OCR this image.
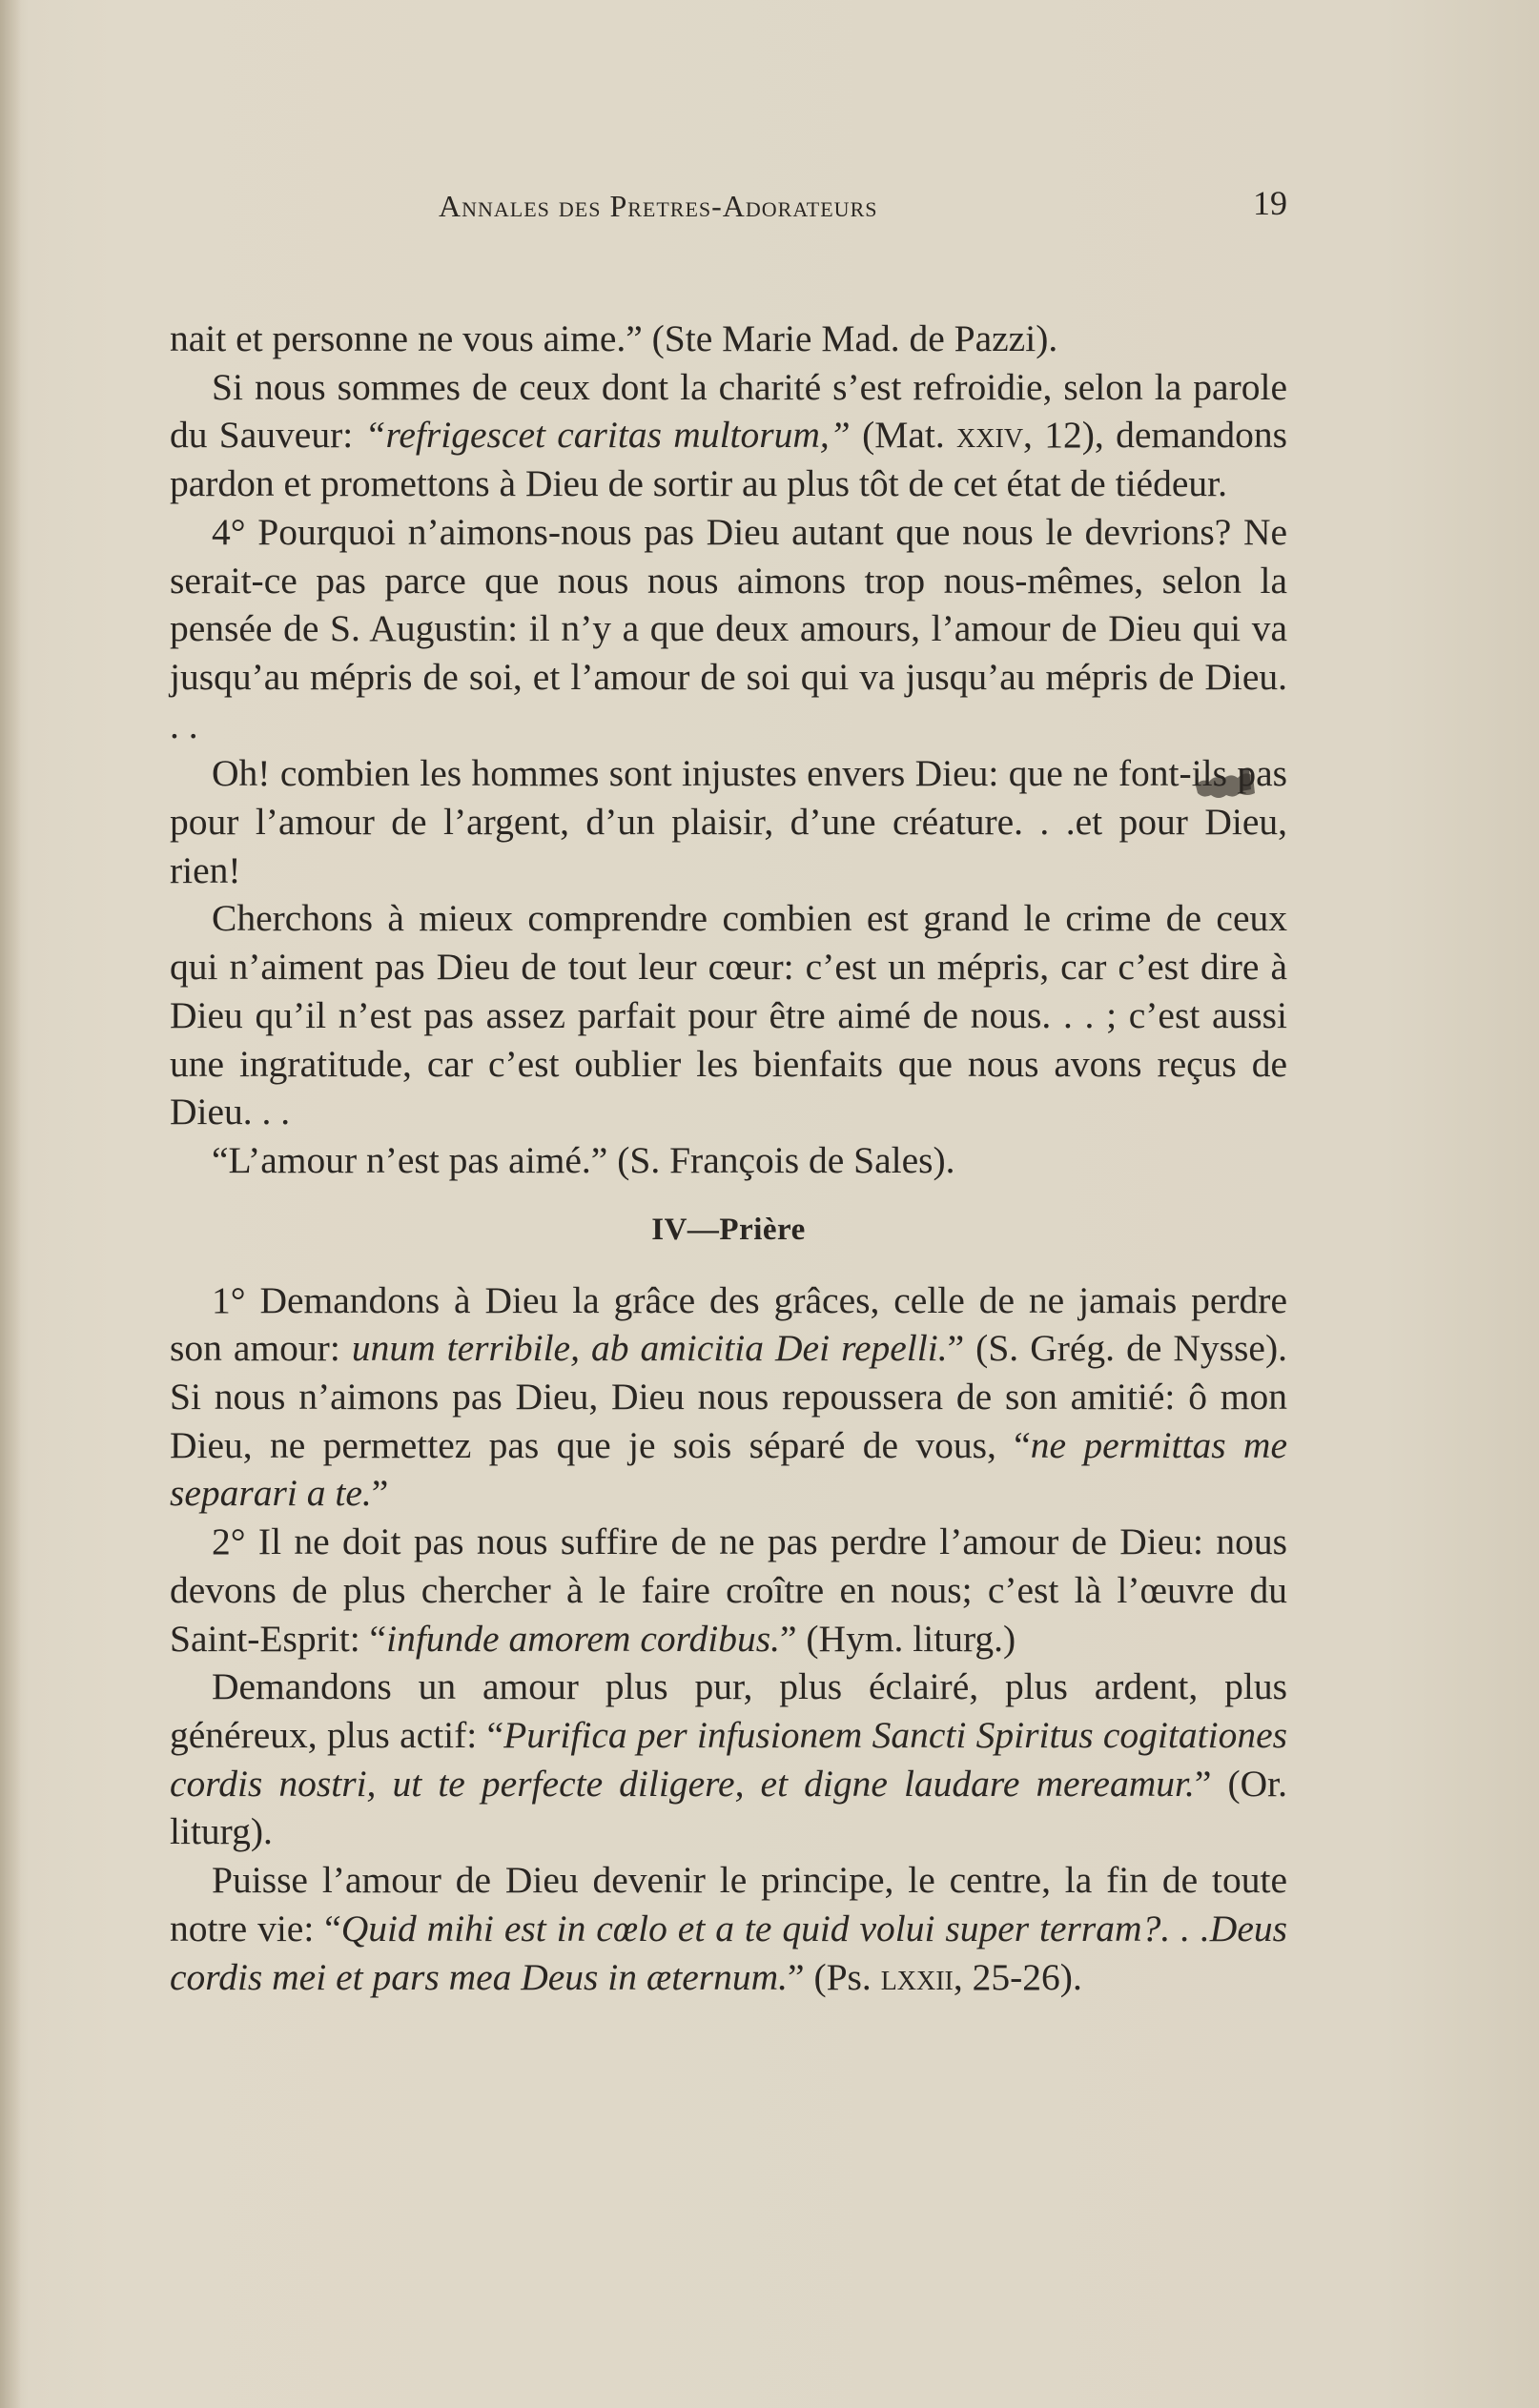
Annales des Pretres-Adorateurs	19

nait et personne ne vous aime.” (Ste Marie Mad. de Pazzi).

Si nous sommes de ceux dont la charité s’est refroidie, selon la parole du Sauveur: “refrigescet caritas multorum,” (Mat. xxiv, 12), demandons pardon et promettons à Dieu de sortir au plus tôt de cet état de tiédeur.

4° Pourquoi n’aimons-nous pas Dieu autant que nous le devrions? Ne serait-ce pas parce que nous nous aimons trop nous-mêmes, selon la pensée de S. Augustin: il n’y a que deux amours, l’amour de Dieu qui va jusqu’au mépris de soi, et l’amour de soi qui va jusqu’au mépris de Dieu. . .

Oh! combien les hommes sont injustes envers Dieu: que ne font-ils pas pour l’amour de l’argent, d’un plaisir, d’une créature. . .et pour Dieu, rien!

Cherchons à mieux comprendre combien est grand le crime de ceux qui n’aiment pas Dieu de tout leur cœur: c’est un mépris, car c’est dire à Dieu qu’il n’est pas assez parfait pour être aimé de nous. . . ; c’est aussi une ingratitude, car c’est oublier les bienfaits que nous avons reçus de Dieu. . .

“L’amour n’est pas aimé.” (S. François de Sales).

IV—Prière

1° Demandons à Dieu la grâce des grâces, celle de ne jamais perdre son amour: unum terribile, ab amicitia Dei repelli.” (S. Grég. de Nysse). Si nous n’aimons pas Dieu, Dieu nous repoussera de son amitié: ô mon Dieu, ne permettez pas que je sois séparé de vous, “ne permittas me separari a te.”

2° Il ne doit pas nous suffire de ne pas perdre l’amour de Dieu: nous devons de plus chercher à le faire croître en nous; c’est là l’œuvre du Saint-Esprit: “infunde amorem cordibus.” (Hym. liturg.)

Demandons un amour plus pur, plus éclairé, plus ardent, plus généreux, plus actif: “Purifica per infusionem Sancti Spiritus cogitationes cordis nostri, ut te perfecte diligere, et digne laudare mereamur.” (Or. liturg).

Puisse l’amour de Dieu devenir le principe, le centre, la fin de toute notre vie: “Quid mihi est in cœlo et a te quid volui super terram?. . .Deus cordis mei et pars mea Deus in æternum.” (Ps. lxxii, 25-26).
